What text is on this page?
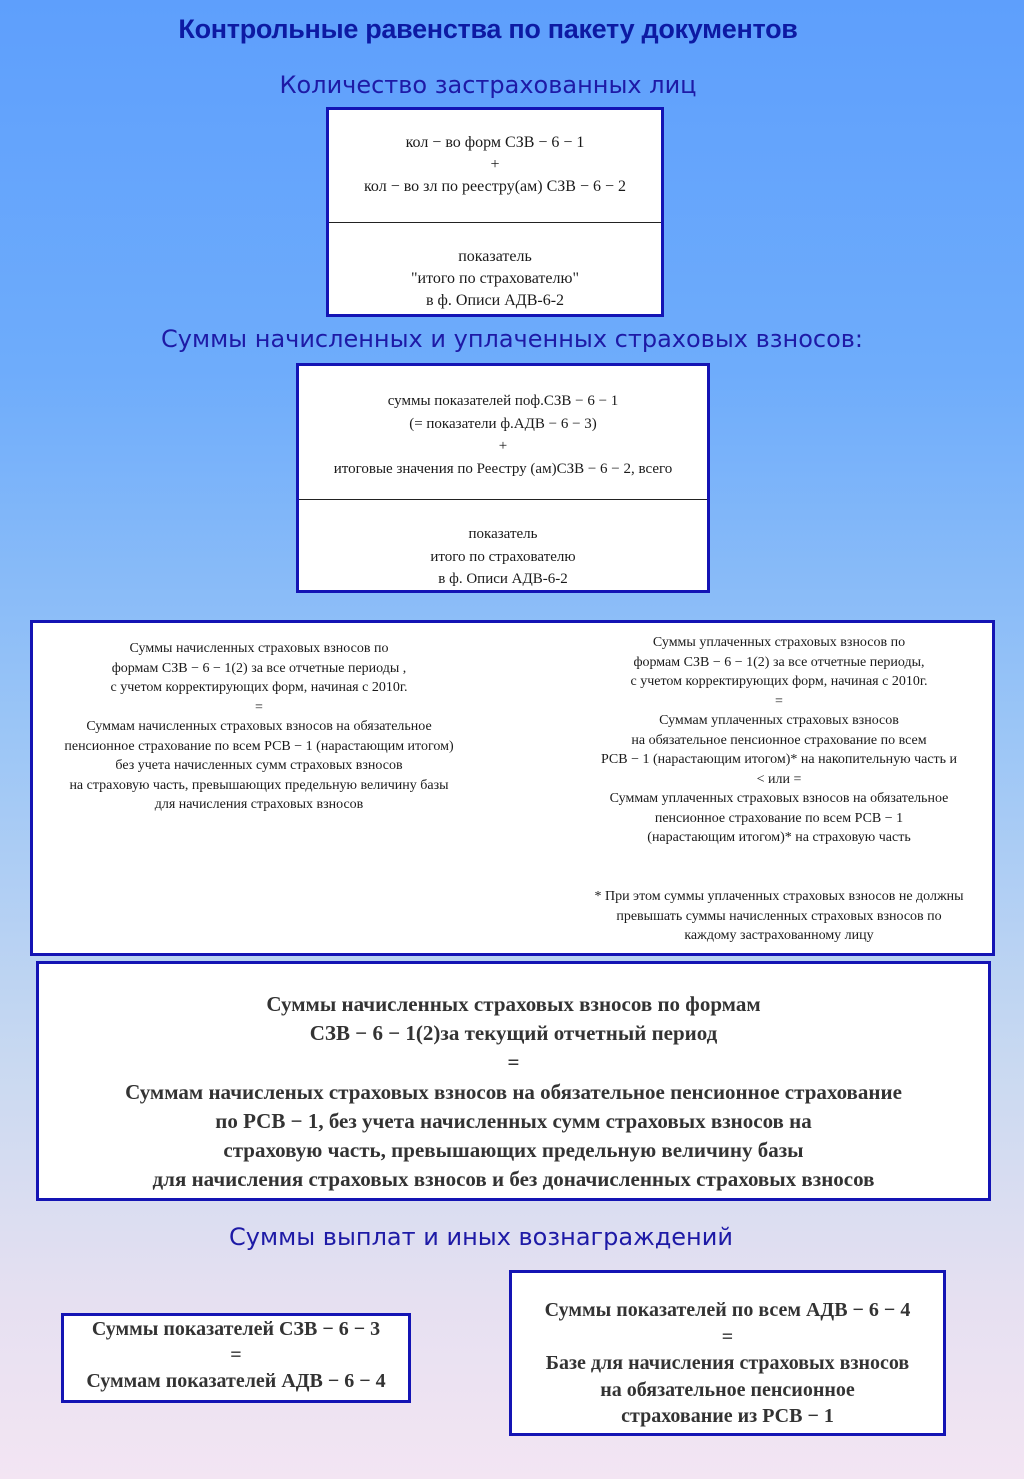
Контрольные равенства по пакету документов
Количество застрахованных лиц
кол − во форм СЗВ − 6 − 1
+
кол − во зл по реестру(ам) СЗВ − 6 − 2
показатель
"итого по страхователю"
в ф. Описи АДВ-6-2
Суммы начисленных и уплаченных страховых взносов:
суммы показателей поф.СЗВ − 6 − 1
(= показатели ф.АДВ − 6 − 3)
+
итоговые значения по Реестру (ам)СЗВ − 6 − 2, всего
показатель
итого по страхователю
в ф. Описи АДВ-6-2
Суммы начисленных страховых взносов по
формам СЗВ − 6 − 1(2) за все отчетные периоды ,
с учетом корректирующих форм, начиная с 2010г.
=
Суммам начисленных страховых взносов на обязательное
пенсионное страхование по всем РСВ − 1 (нарастающим итогом)
без учета начисленных сумм страховых взносов
на страховую часть, превышающих предельную величину базы
для начисления страховых взносов
Суммы уплаченных страховых взносов по
формам СЗВ − 6 − 1(2) за все отчетные периоды,
с учетом корректирующих форм, начиная с 2010г.
=
Суммам уплаченных страховых взносов
на обязательное пенсионное страхование по всем
РСВ − 1 (нарастающим итогом)* на накопительную часть и
< или =
Суммам уплаченных страховых взносов на обязательное
пенсионное страхование по всем РСВ − 1
(нарастающим итогом)* на страховую часть
* При этом суммы уплаченных страховых взносов не должны
превышать суммы начисленных страховых взносов по
каждому застрахованному лицу
Суммы начисленных страховых взносов по формам
СЗВ − 6 − 1(2)за текущий отчетный период
=
Суммам начисленых страховых взносов на обязательное пенсионное страхование
по РСВ − 1, без учета начисленных сумм страховых взносов на
страховую часть, превышающих предельную величину базы
для начисления страховых взносов и без доначисленных страховых взносов
Суммы выплат и иных вознаграждений
Суммы показателей СЗВ − 6 − 3
=
Суммам показателей АДВ − 6 − 4
Суммы показателей по всем АДВ − 6 − 4
=
Базе для начисления страховых взносов
на обязательное пенсионное
страхование из РСВ − 1
